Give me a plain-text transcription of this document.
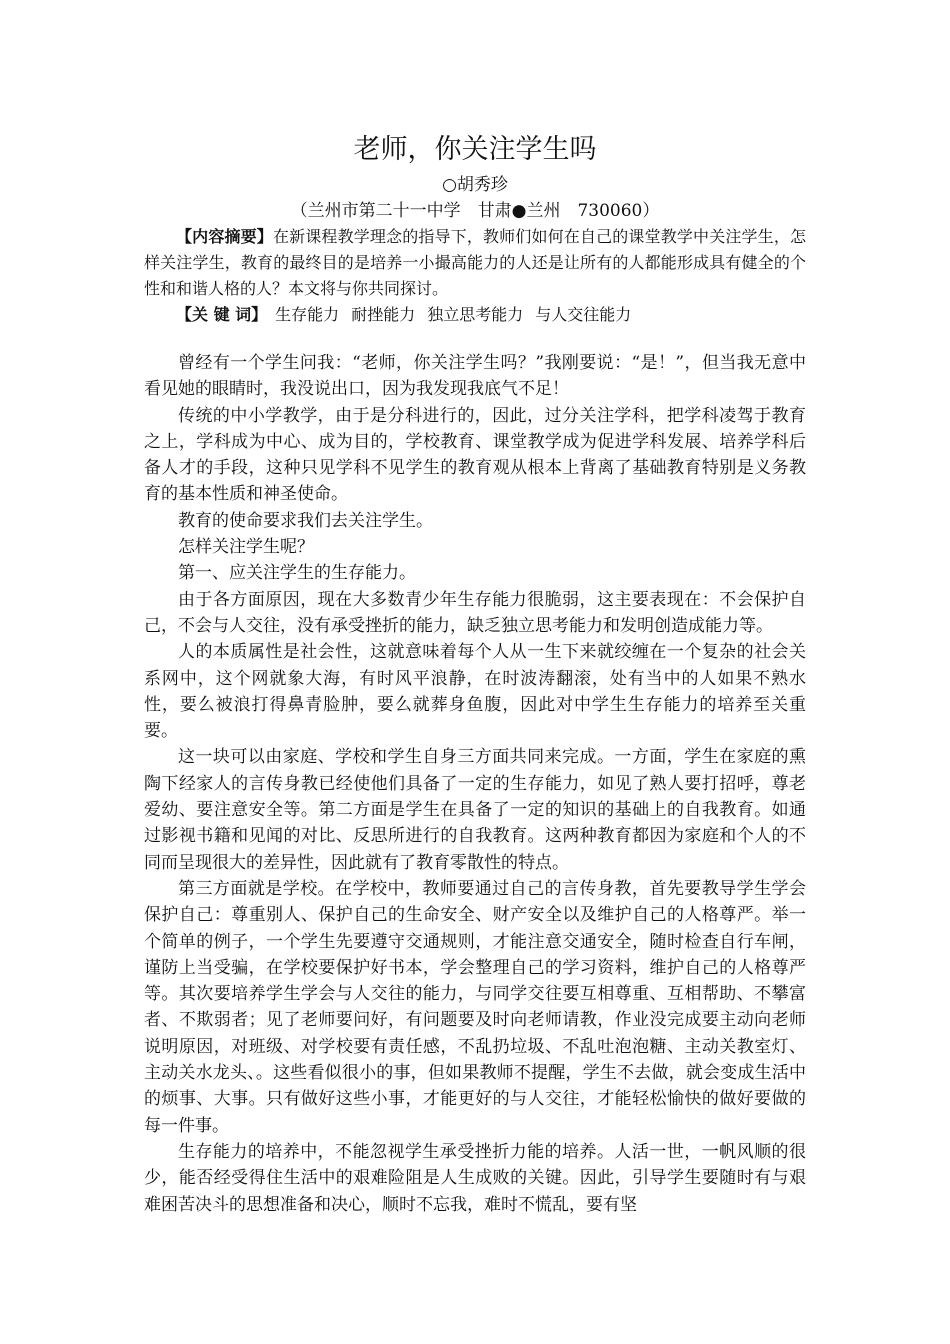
老师，你关注学生吗
○胡秀珍
（兰州市第二十一中学　甘肃●兰州　730060）

【内容摘要】在新课程教学理念的指导下，教师们如何在自己的课堂教学中关注学生，怎样关注学生，教育的最终目的是培养一小撮高能力的人还是让所有的人都能形成具有健全的个性和和谐人格的人？本文将与你共同探讨。

【关 键 词】　 生存能力 耐挫能力 独立思考能力 与人交往能力

曾经有一个学生问我：“老师，你关注学生吗？”我刚要说：“是！”，但当我无意中看见她的眼睛时，我没说出口，因为我发现我底气不足！

传统的中小学教学，由于是分科进行的，因此，过分关注学科，把学科凌驾于教育之上，学科成为中心、成为目的，学校教育、课堂教学成为促进学科发展、培养学科后备人才的手段，这种只见学科不见学生的教育观从根本上背离了基础教育特别是义务教育的基本性质和神圣使命。

教育的使命要求我们去关注学生。

怎样关注学生呢？

第一、应关注学生的生存能力。

由于各方面原因，现在大多数青少年生存能力很脆弱，这主要表现在：不会保护自己，不会与人交往，没有承受挫折的能力，缺乏独立思考能力和发明创造成能力等。

人的本质属性是社会性，这就意味着每个人从一生下来就绞缠在一个复杂的社会关系网中，这个网就象大海，有时风平浪静，在时波涛翻滚，处有当中的人如果不熟水性，要么被浪打得鼻青脸肿，要么就葬身鱼腹，因此对中学生生存能力的培养至关重要。

这一块可以由家庭、学校和学生自身三方面共同来完成。一方面，学生在家庭的熏陶下经家人的言传身教已经使他们具备了一定的生存能力，如见了熟人要打招呼，尊老爱幼、要注意安全等。第二方面是学生在具备了一定的知识的基础上的自我教育。如通过影视书籍和见闻的对比、反思所进行的自我教育。这两种教育都因为家庭和个人的不同而呈现很大的差异性，因此就有了教育零散性的特点。

第三方面就是学校。在学校中，教师要通过自己的言传身教，首先要教导学生学会保护自己：尊重别人、保护自己的生命安全、财产安全以及维护自己的人格尊严。举一个简单的例子，一个学生先要遵守交通规则，才能注意交通安全，随时检查自行车闸，谨防上当受骗，在学校要保护好书本，学会整理自己的学习资料，维护自己的人格尊严等。其次要培养学生学会与人交往的能力，与同学交往要互相尊重、互相帮助、不攀富者、不欺弱者；见了老师要问好，有问题要及时向老师请教，作业没完成要主动向老师说明原因，对班级、对学校要有责任感，不乱扔垃圾、不乱吐泡泡糖、主动关教室灯、主动关水龙头、。这些看似很小的事，但如果教师不提醒，学生不去做，就会变成生活中的烦事、大事。只有做好这些小事，才能更好的与人交往，才能轻松愉快的做好要做的每一件事。

生存能力的培养中，不能忽视学生承受挫折力能的培养。人活一世，一帆风顺的很少，能否经受得住生活中的艰难险阻是人生成败的关键。因此，引导学生要随时有与艰难困苦决斗的思想准备和决心，顺时不忘我，难时不慌乱，要有坚
